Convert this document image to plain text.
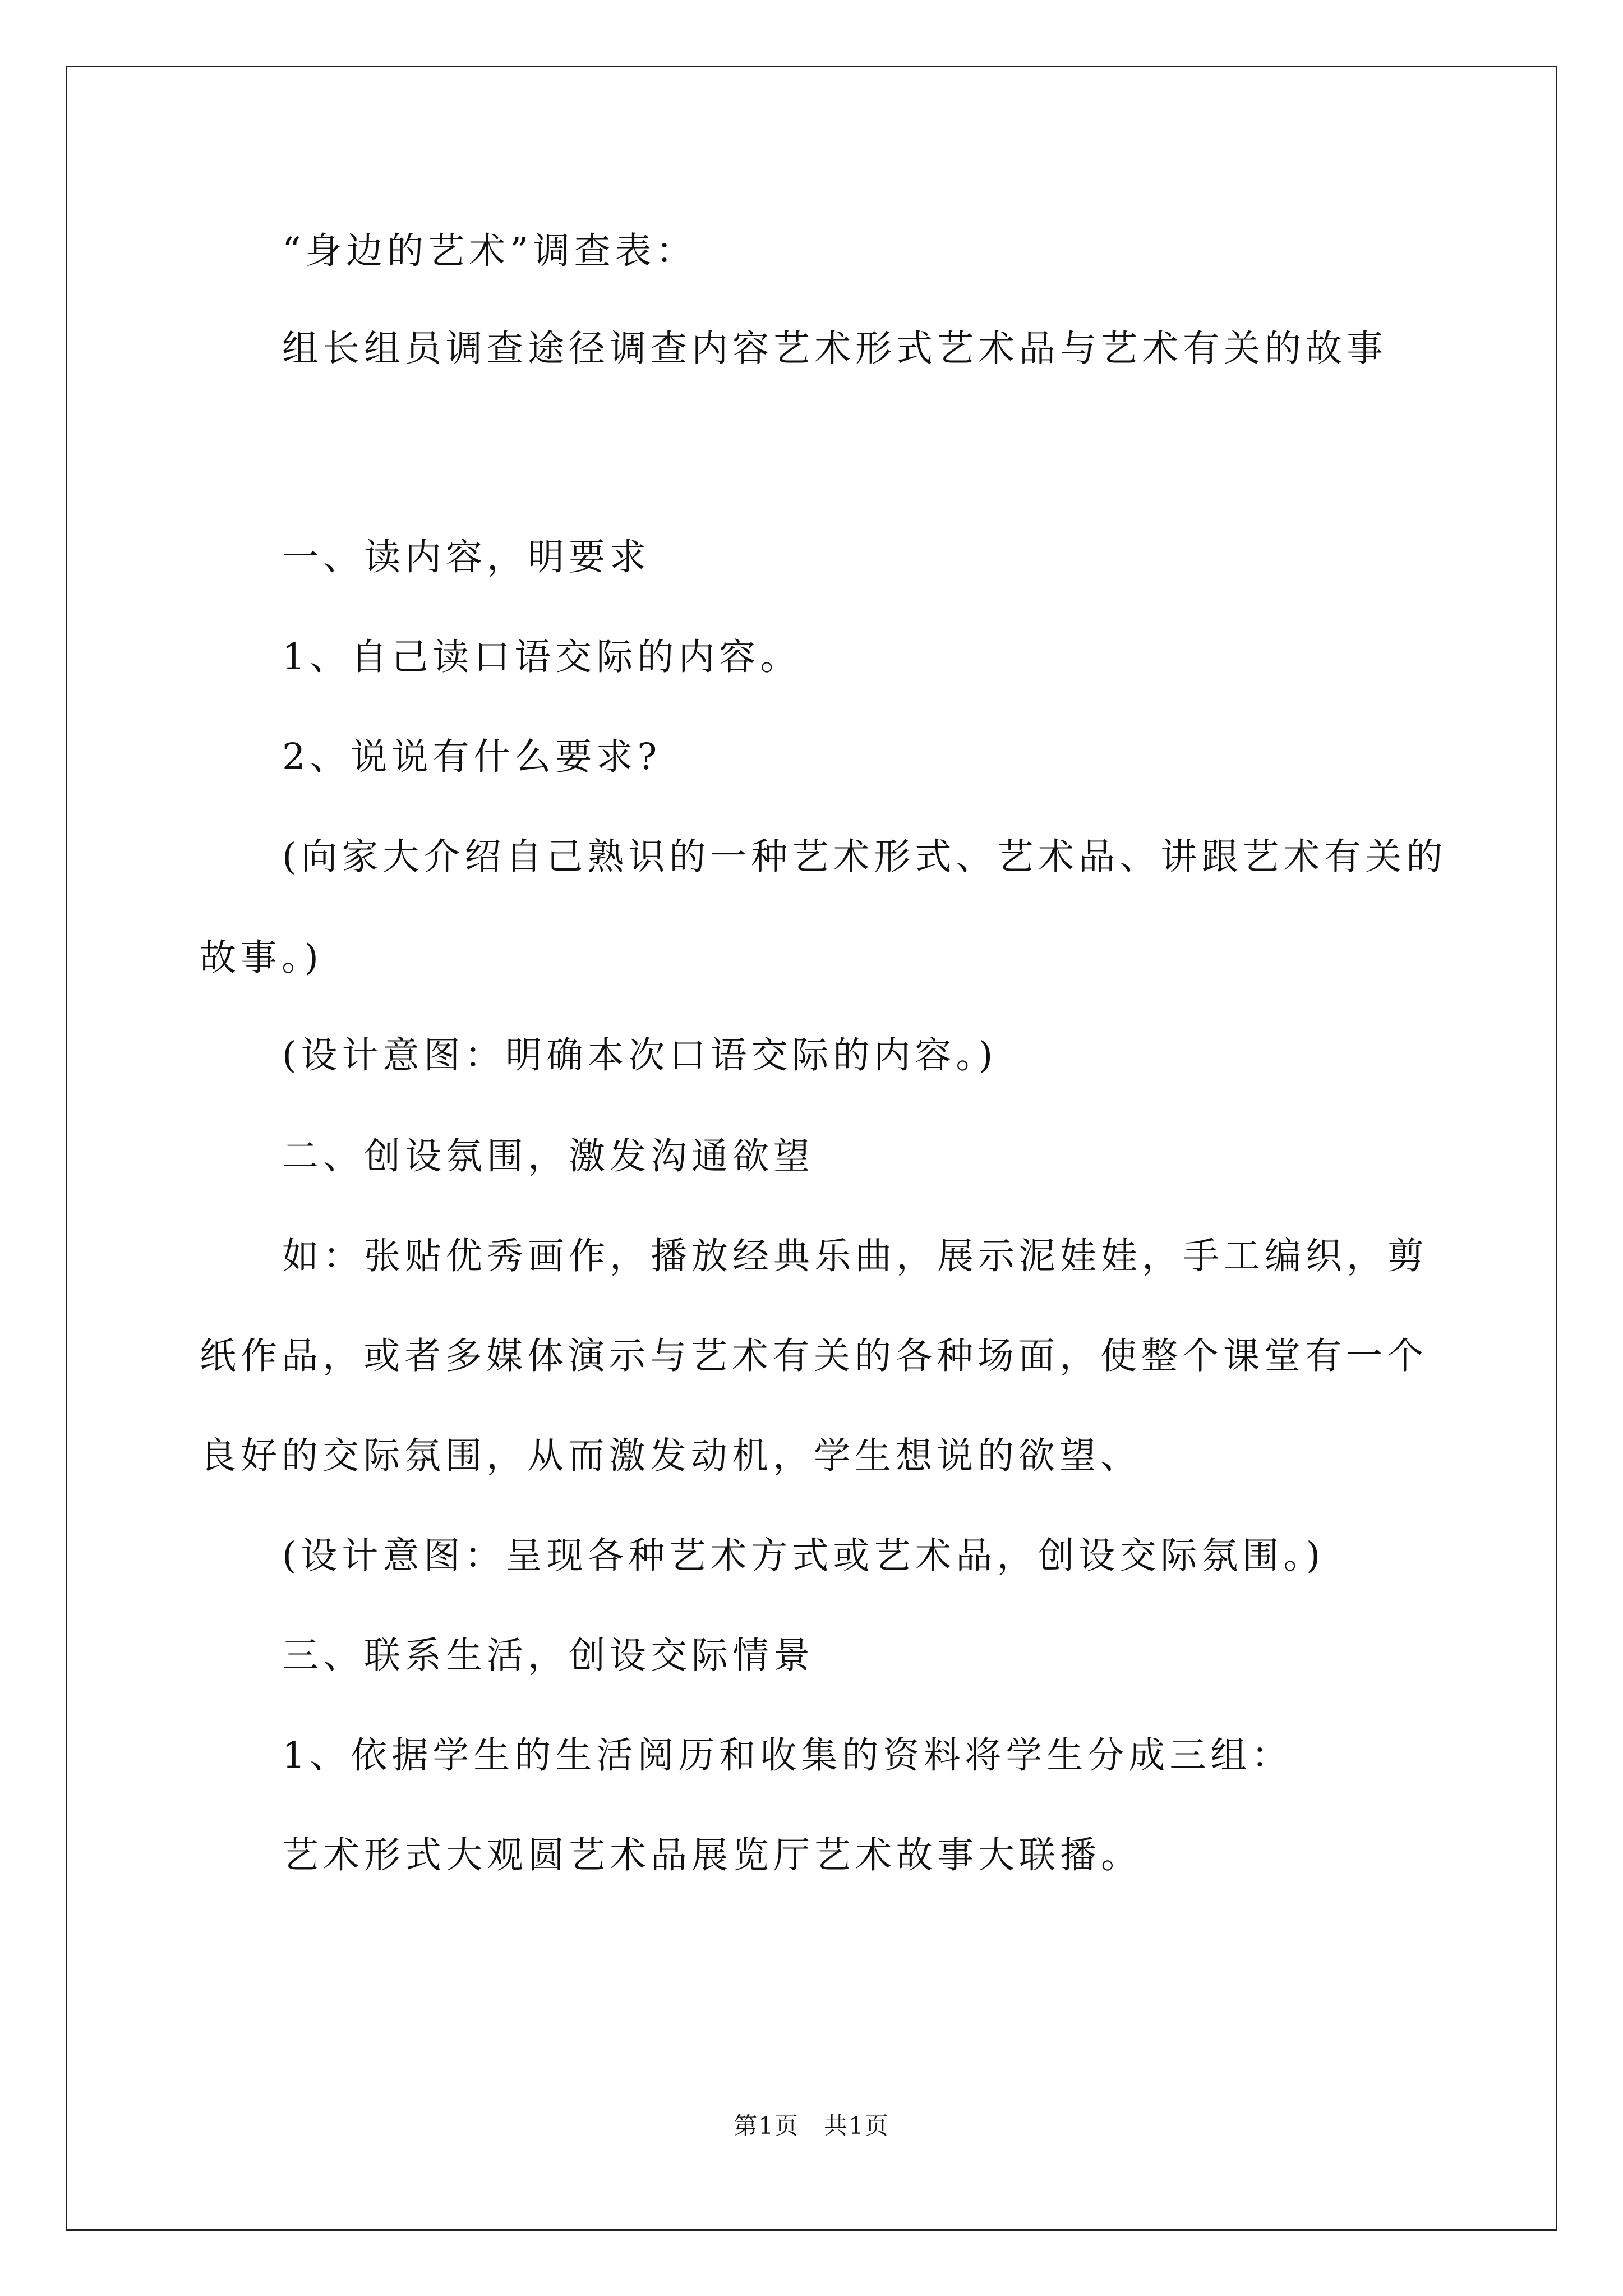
“身边的艺术”调查表：
组长组员调查途径调查内容艺术形式艺术品与艺术有关的故事
一、读内容，明要求
1、自己读口语交际的内容。
2、说说有什么要求?
(向家大介绍自己熟识的一种艺术形式、艺术品、讲跟艺术有关的
故事。)
(设计意图：明确本次口语交际的内容。)
二、创设氛围，激发沟通欲望
如：张贴优秀画作，播放经典乐曲，展示泥娃娃，手工编织，剪
纸作品，或者多媒体演示与艺术有关的各种场面，使整个课堂有一个
良好的交际氛围，从而激发动机，学生想说的欲望、
(设计意图：呈现各种艺术方式或艺术品，创设交际氛围。)
三、联系生活，创设交际情景
1、依据学生的生活阅历和收集的资料将学生分成三组：
艺术形式大观圆艺术品展览厅艺术故事大联播。
第1页　共1页
